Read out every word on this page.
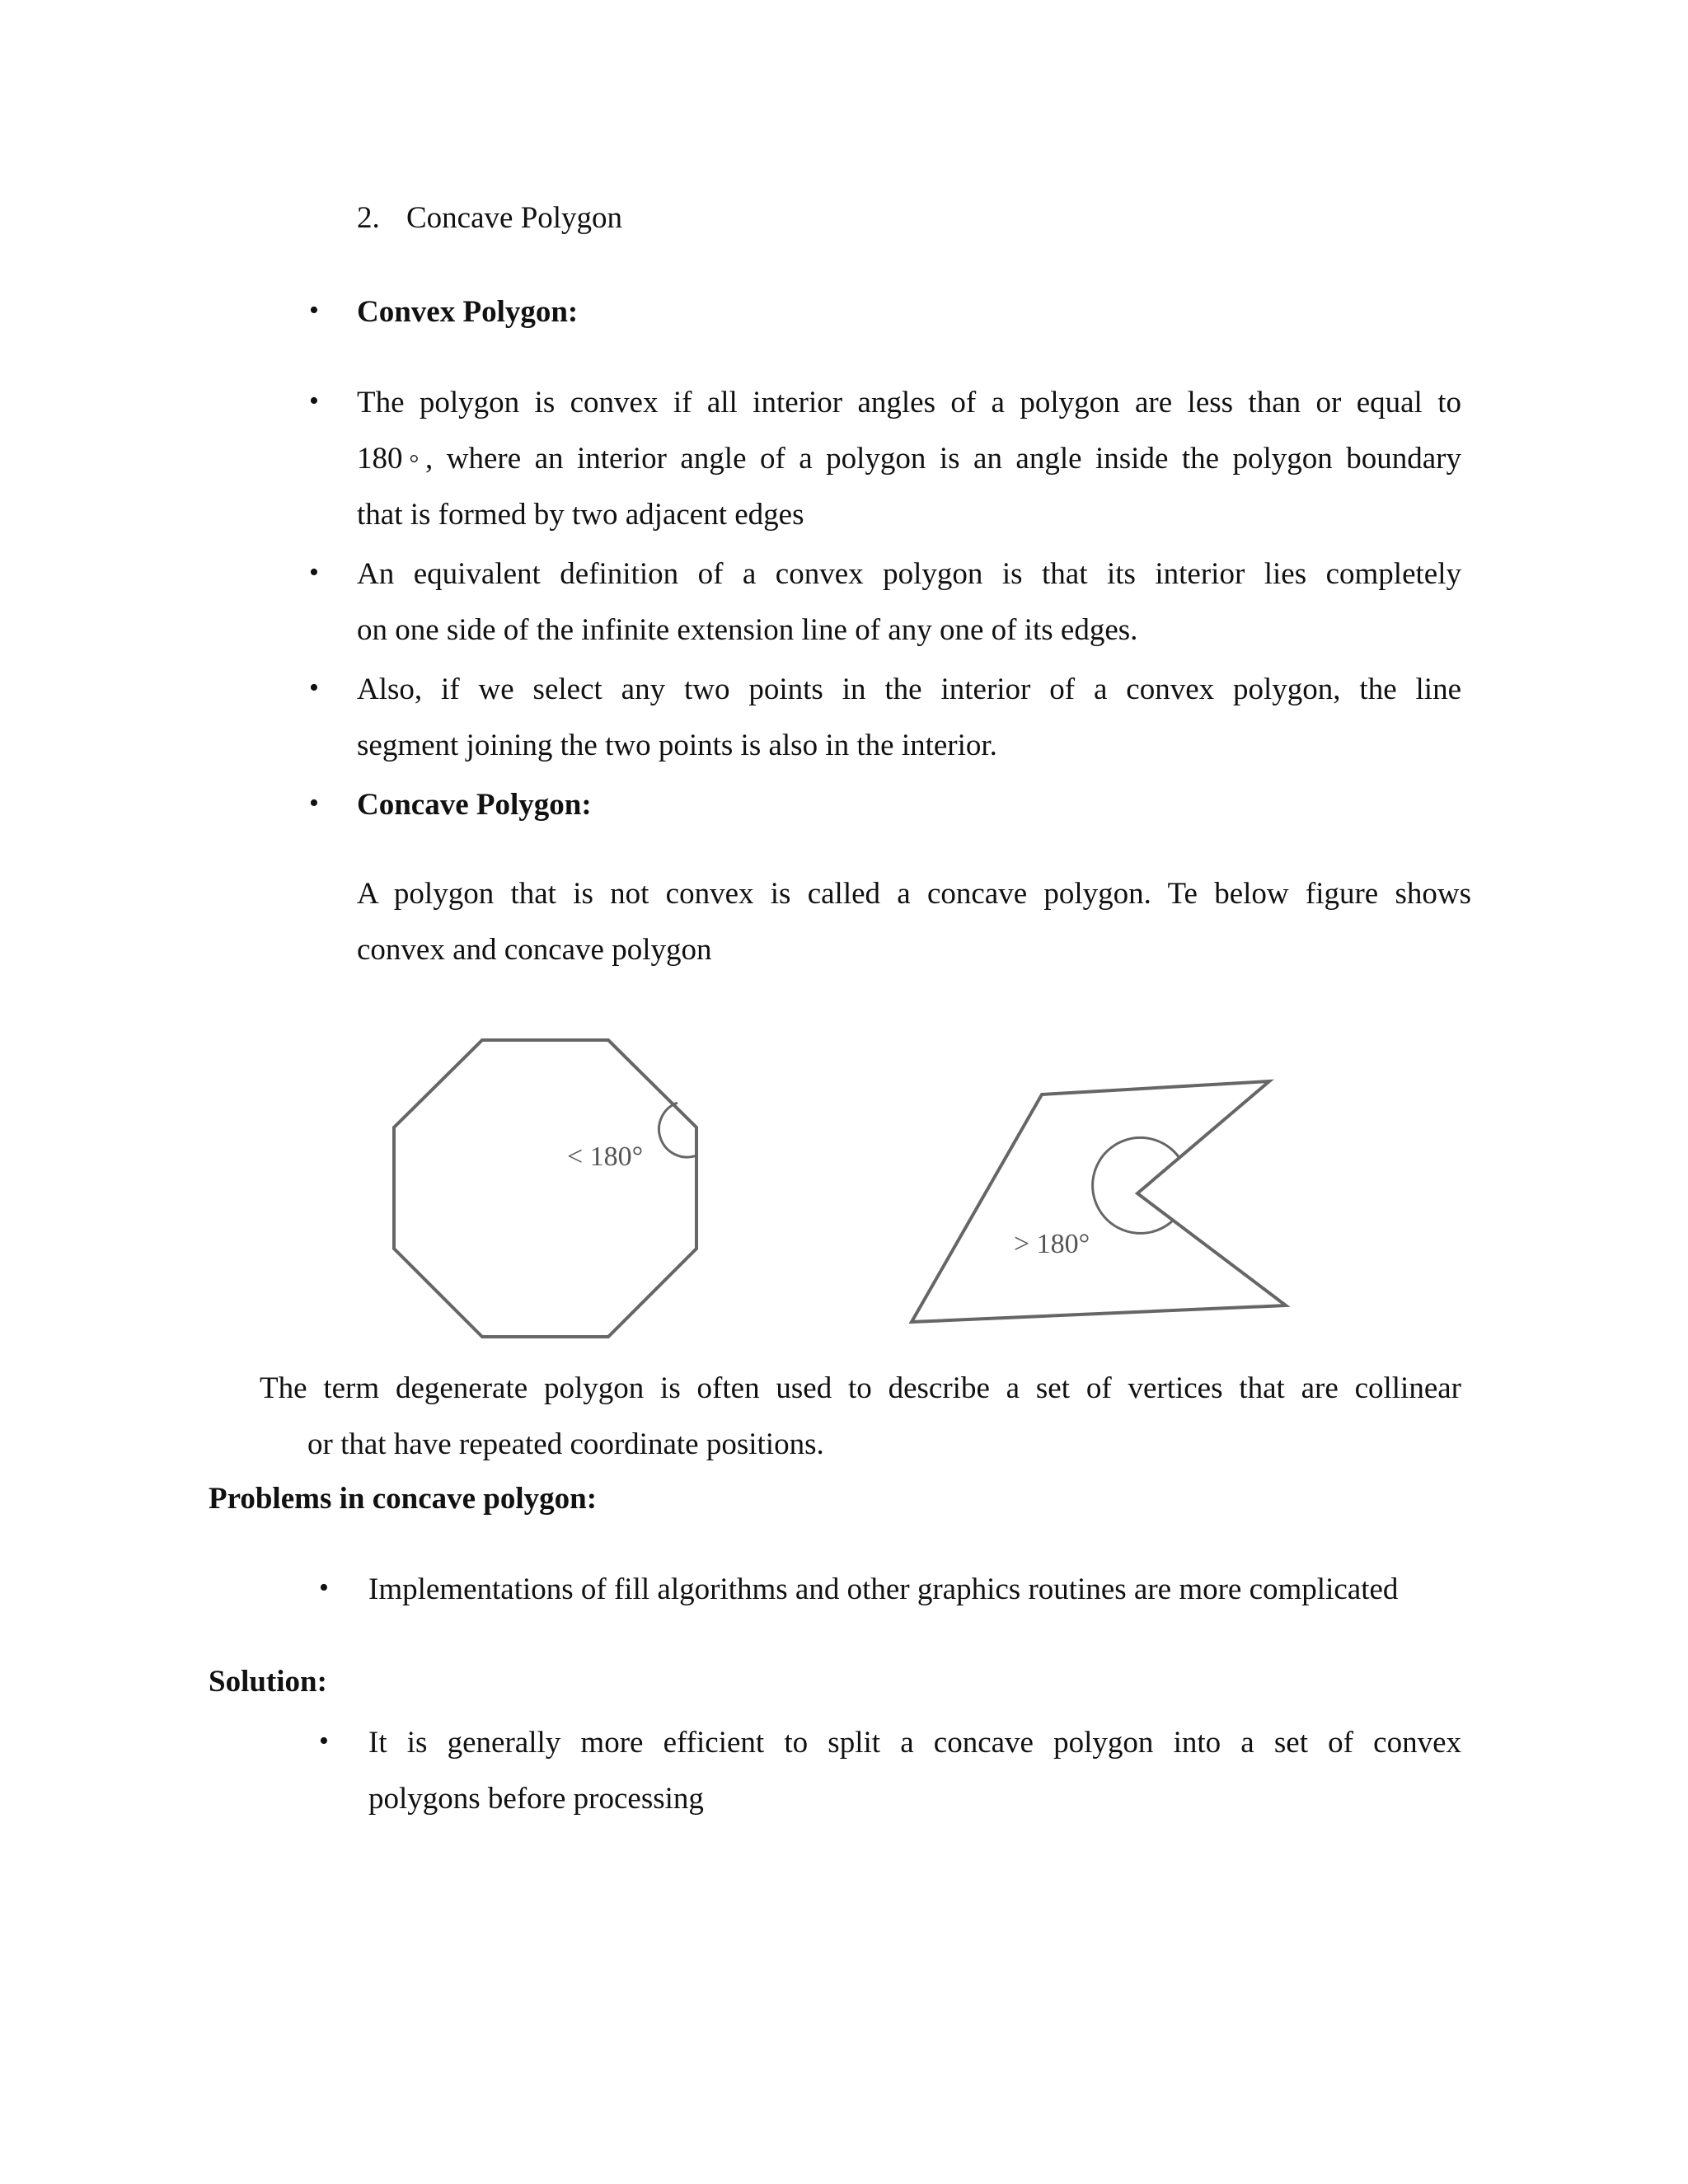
2. Concave Polygon
• Convex Polygon:
• The polygon is convex if all interior angles of a polygon are less than or equal to
180◦, where an interior angle of a polygon is an angle inside the polygon boundary
that is formed by two adjacent edges
• An equivalent definition of a convex polygon is that its interior lies completely
on one side of the infinite extension line of any one of its edges.
• Also, if we select any two points in the interior of a convex polygon, the line
segment joining the two points is also in the interior.
• Concave Polygon:
A polygon that is not convex is called a concave polygon. Te below figure shows
convex and concave polygon
< 180°
> 180°
The term degenerate polygon is often used to describe a set of vertices that are collinear
or that have repeated coordinate positions.
Problems in concave polygon:
• Implementations of fill algorithms and other graphics routines are more complicated
Solution:
• It is generally more efficient to split a concave polygon into a set of convex
polygons before processing
